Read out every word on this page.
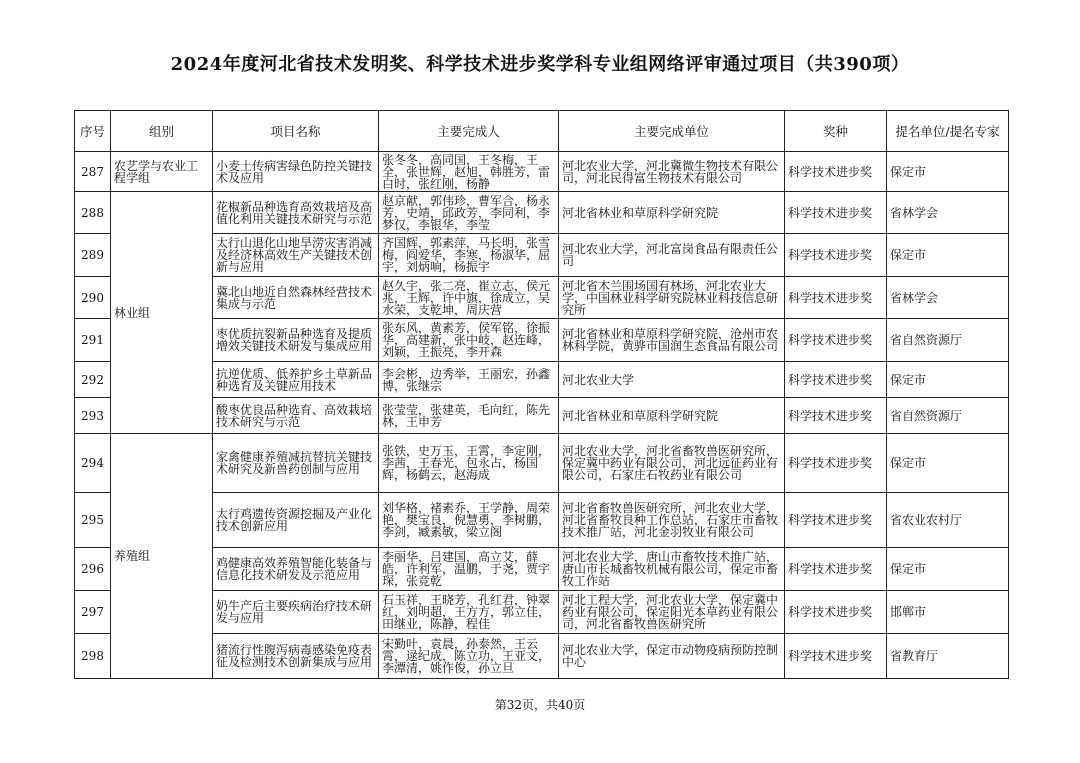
2024年度河北省技术发明奖、科学技术进步奖学科专业组网络评审通过项目（共390项）
序号	组别	项目名称	主要完成人	主要完成单位	奖种	提名单位/提名专家
287	农艺学与农业工程学组	小麦土传病害绿色防控关键技术及应用	张冬冬，高同国，王冬梅，王全，张世辉，赵旭，韩胜芳，雷白时，张红刚，杨静	河北农业大学，河北冀微生物技术有限公司，河北民得富生物技术有限公司	科学技术进步奖	保定市
288	林业组	花椒新品种选育高效栽培及高值化利用关键技术研究与示范	赵京献，郭伟珍，曹军合，杨永芳，史靖，邱政芳，李同利，李梦仅，李银华，李莹	河北省林业和草原科学研究院	科学技术进步奖	省林学会
289		太行山退化山地旱涝灾害消减及经济林高效生产关键技术创新与应用	齐国辉，郭素萍，马长明，张雪梅，阎爱华，李寒，杨淑华，屈宇，刘炳响，杨振宇	河北农业大学，河北富岗食品有限责任公司	科学技术进步奖	保定市
290		冀北山地近自然森林经营技术集成与示范	赵久宇，张二亮，崔立志，侯元兆，王辉，许中旗，徐成立，吴水荣，支乾坤，周庆营	河北省木兰围场国有林场，河北农业大学，中国林业科学研究院林业科技信息研究所	科学技术进步奖	省林学会
291		枣优质抗裂新品种选育及提质增效关键技术研发与集成应用	张东风，黄素芳，侯军铭，徐振华，高建新，张中岐，赵连峰，刘颖，王振亮，李开森	河北省林业和草原科学研究院，沧州市农林科学院，黄骅市国润生态食品有限公司	科学技术进步奖	省自然资源厅
292		抗逆优质、低养护乡土草新品种选育及关键应用技术	李会彬，边秀举，王丽宏，孙鑫博，张继宗	河北农业大学	科学技术进步奖	保定市
293		酸枣优良品种选育、高效栽培技术研究与示范	张莹莹，张建英，毛向红，陈先林，王申芳	河北省林业和草原科学研究院	科学技术进步奖	省自然资源厅
294	养殖组	家禽健康养殖减抗替抗关键技术研究及新兽药创制与应用	张铁，史万玉，王霄，李定刚，李茜，王春光，包永占，杨国辉，杨鹤云，赵海成	河北农业大学，河北省畜牧兽医研究所，保定冀中药业有限公司，河北远征药业有限公司，石家庄石牧药业有限公司	科学技术进步奖	保定市
295		太行鸡遗传资源挖掘及产业化技术创新应用	刘华格，褚素乔，王学静，周荣艳，樊宝良，倪慧勇，李树鹏，李剑，臧素敏，梁立阁	河北省畜牧兽医研究所，河北农业大学，河北省畜牧良种工作总站，石家庄市畜牧技术推广站，河北金羽牧业有限公司	科学技术进步奖	省农业农村厅
296		鸡健康高效养殖智能化装备与信息化技术研发及示范应用	李丽华，吕建国，高立艾，薛皓，许利军，温鹏，于尧，贾宇琛，张竞乾	河北农业大学，唐山市畜牧技术推广站，唐山市长城畜牧机械有限公司，保定市畜牧工作站	科学技术进步奖	保定市
297		奶牛产后主要疾病治疗技术研发与应用	石玉祥，王晓芳，孔红君，钟翠红，刘明超，王方方，郭立佳，田继业，陈静，程佳	河北工程大学，河北农业大学，保定冀中药业有限公司，保定阳光本草药业有限公司，河北省畜牧兽医研究所	科学技术进步奖	邯郸市
298		猪流行性腹泻病毒感染免疫表征及检测技术创新集成与应用	宋勤叶，袁晨，孙泰然，王云霄，逯纪成，陈立功，王亚文，李潭清，姚作俊，孙立旦	河北农业大学，保定市动物疫病预防控制中心	科学技术进步奖	省教育厅
第32页，共40页
